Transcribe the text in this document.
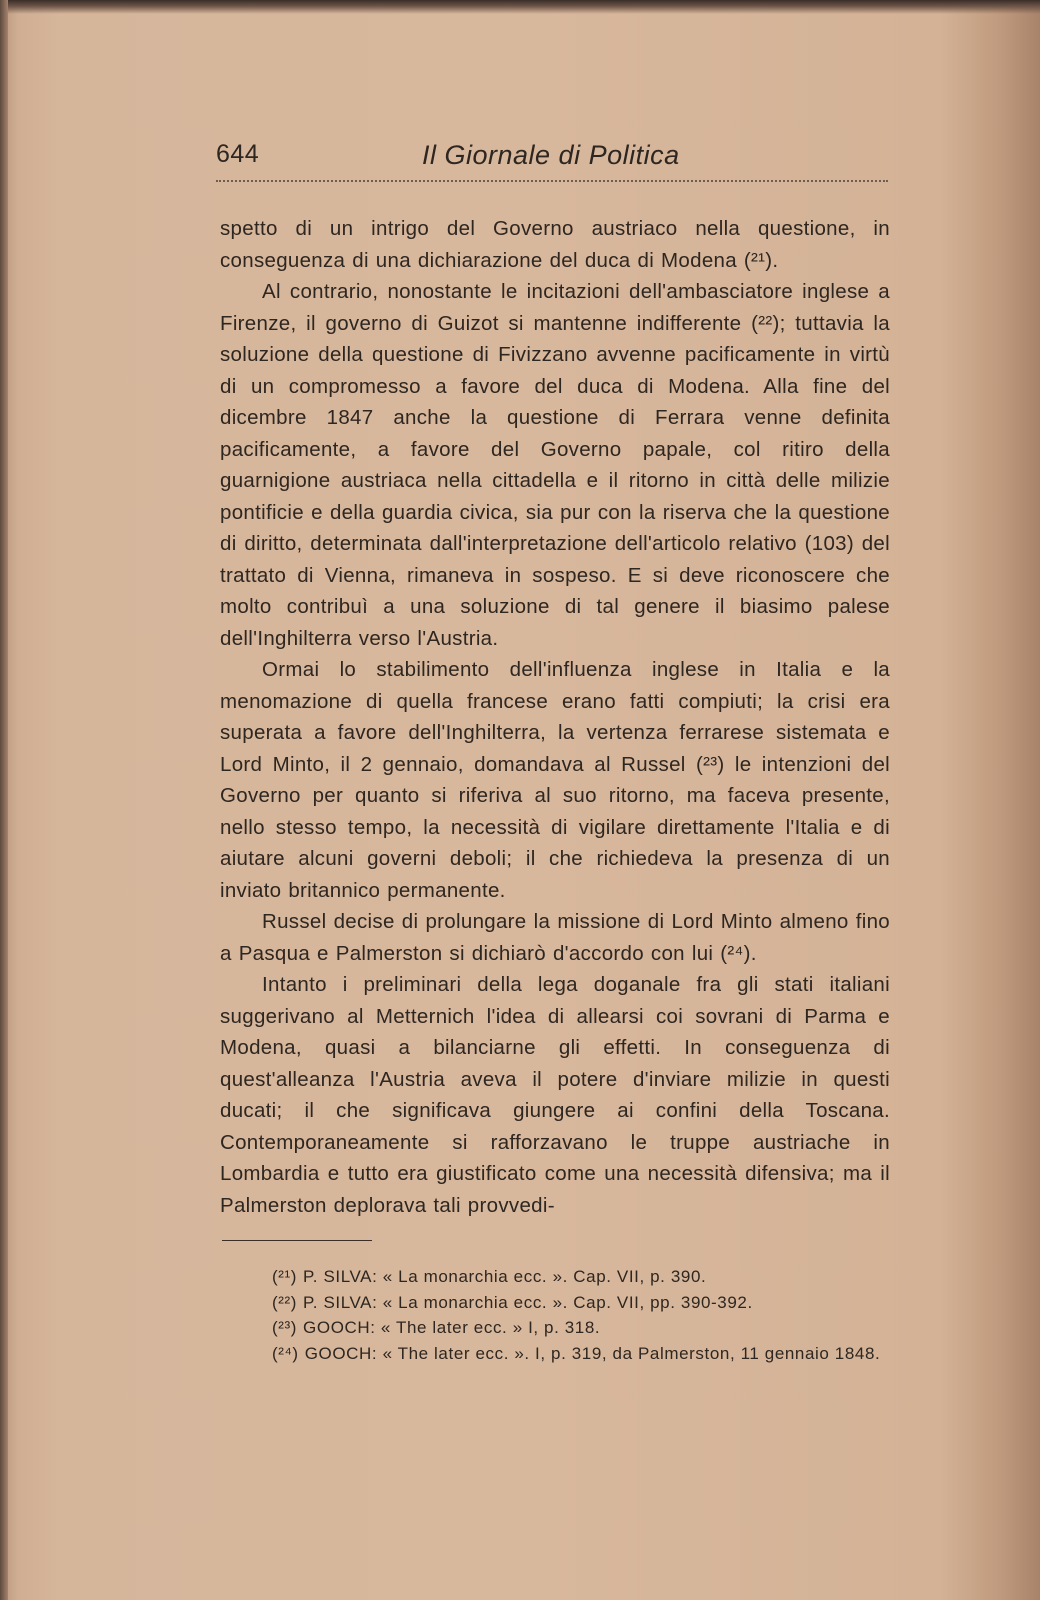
644	Il Giornale di Politica

spetto di un intrigo del Governo austriaco nella questione, in conseguenza di una dichiarazione del duca di Modena (²¹).

Al contrario, nonostante le incitazioni dell'ambasciatore inglese a Firenze, il governo di Guizot si mantenne indifferente (²²); tuttavia la soluzione della questione di Fivizzano avvenne pacificamente in virtù di un compromesso a favore del duca di Modena. Alla fine del dicembre 1847 anche la questione di Ferrara venne definita pacificamente, a favore del Governo papale, col ritiro della guarnigione austriaca nella cittadella e il ritorno in città delle milizie pontificie e della guardia civica, sia pur con la riserva che la questione di diritto, determinata dall'interpretazione dell'articolo relativo (103) del trattato di Vienna, rimaneva in sospeso. E si deve riconoscere che molto contribuì a una soluzione di tal genere il biasimo palese dell'Inghilterra verso l'Austria.

Ormai lo stabilimento dell'influenza inglese in Italia e la menomazione di quella francese erano fatti compiuti; la crisi era superata a favore dell'Inghilterra, la vertenza ferrarese sistemata e Lord Minto, il 2 gennaio, domandava al Russel (²³) le intenzioni del Governo per quanto si riferiva al suo ritorno, ma faceva presente, nello stesso tempo, la necessità di vigilare direttamente l'Italia e di aiutare alcuni governi deboli; il che richiedeva la presenza di un inviato britannico permanente.

Russel decise di prolungare la missione di Lord Minto almeno fino a Pasqua e Palmerston si dichiarò d'accordo con lui (²⁴).

Intanto i preliminari della lega doganale fra gli stati italiani suggerivano al Metternich l'idea di allearsi coi sovrani di Parma e Modena, quasi a bilanciarne gli effetti. In conseguenza di quest'alleanza l'Austria aveva il potere d'inviare milizie in questi ducati; il che significava giungere ai confini della Toscana. Contemporaneamente si rafforzavano le truppe austriache in Lombardia e tutto era giustificato come una necessità difensiva; ma il Palmerston deplorava tali provvedi-

(²¹) P. SILVA: « La monarchia ecc. ». Cap. VII, p. 390.

(²²) P. SILVA: « La monarchia ecc. ». Cap. VII, pp. 390-392.

(²³) GOOCH: « The later ecc. » I, p. 318.

(²⁴) GOOCH: « The later ecc. ». I, p. 319, da Palmerston, 11 gennaio 1848.
